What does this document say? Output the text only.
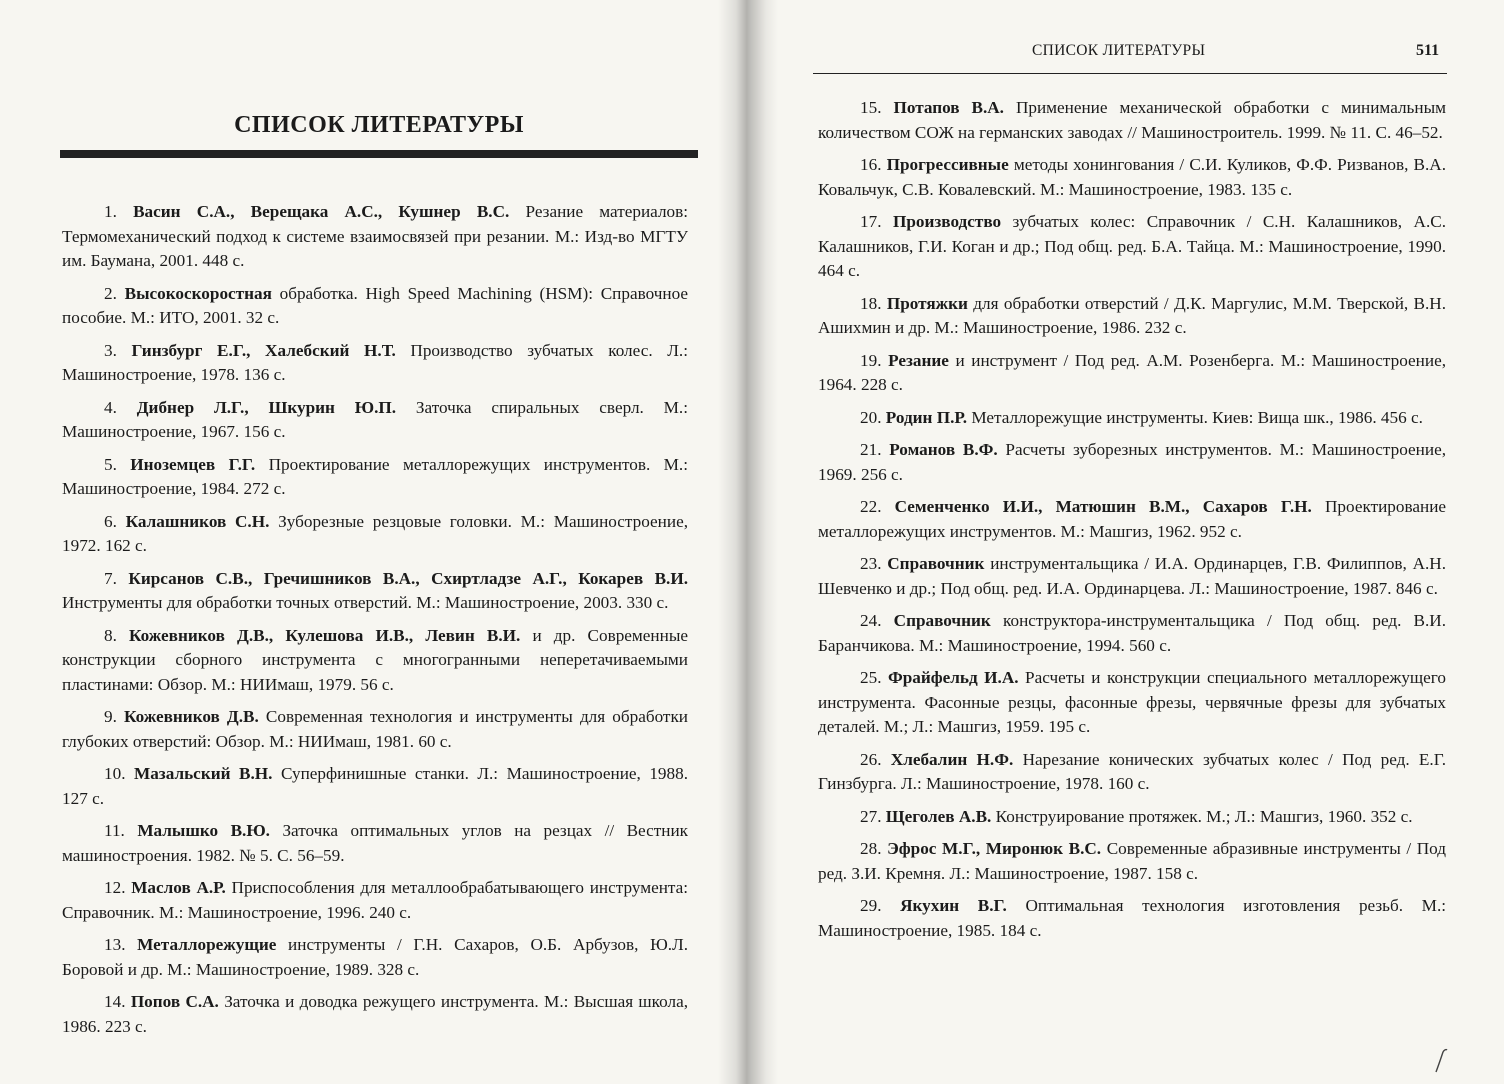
СПИСОК ЛИТЕРАТУРЫ
1. Васин С.А., Верещака А.С., Кушнер В.С. Резание материалов: Термомеханический подход к системе взаимосвязей при резании. М.: Изд-во МГТУ им. Баумана, 2001. 448 с.
2. Высокоскоростная обработка. High Speed Machining (HSM): Справочное пособие. М.: ИТО, 2001. 32 с.
3. Гинзбург Е.Г., Халебский Н.Т. Производство зубчатых колес. Л.: Машиностроение, 1978. 136 с.
4. Дибнер Л.Г., Шкурин Ю.П. Заточка спиральных сверл. М.: Машиностроение, 1967. 156 с.
5. Иноземцев Г.Г. Проектирование металлорежущих инструментов. М.: Машиностроение, 1984. 272 с.
6. Калашников С.Н. Зуборезные резцовые головки. М.: Машиностроение, 1972. 162 с.
7. Кирсанов С.В., Гречишников В.А., Схиртладзе А.Г., Кокарев В.И. Инструменты для обработки точных отверстий. М.: Машиностроение, 2003. 330 с.
8. Кожевников Д.В., Кулешова И.В., Левин В.И. и др. Современные конструкции сборного инструмента с многогранными неперетачиваемыми пластинами: Обзор. М.: НИИмаш, 1979. 56 с.
9. Кожевников Д.В. Современная технология и инструменты для обработки глубоких отверстий: Обзор. М.: НИИмаш, 1981. 60 с.
10. Мазальский В.Н. Суперфинишные станки. Л.: Машиностроение, 1988. 127 с.
11. Малышко В.Ю. Заточка оптимальных углов на резцах // Вестник машиностроения. 1982. № 5. С. 56–59.
12. Маслов А.Р. Приспособления для металлообрабатывающего инструмента: Справочник. М.: Машиностроение, 1996. 240 с.
13. Металлорежущие инструменты / Г.Н. Сахаров, О.Б. Арбузов, Ю.Л. Боровой и др. М.: Машиностроение, 1989. 328 с.
14. Попов С.А. Заточка и доводка режущего инструмента. М.: Высшая школа, 1986. 223 с.
СПИСОК ЛИТЕРАТУРЫ	511
15. Потапов В.А. Применение механической обработки с минимальным количеством СОЖ на германских заводах // Машиностроитель. 1999. № 11. С. 46–52.
16. Прогрессивные методы хонингования / С.И. Куликов, Ф.Ф. Ризванов, В.А. Ковальчук, С.В. Ковалевский. М.: Машиностроение, 1983. 135 с.
17. Производство зубчатых колес: Справочник / С.Н. Калашников, А.С. Калашников, Г.И. Коган и др.; Под общ. ред. Б.А. Тайца. М.: Машиностроение, 1990. 464 с.
18. Протяжки для обработки отверстий / Д.К. Маргулис, М.М. Тверской, В.Н. Ашихмин и др. М.: Машиностроение, 1986. 232 с.
19. Резание и инструмент / Под ред. А.М. Розенберга. М.: Машиностроение, 1964. 228 с.
20. Родин П.Р. Металлорежущие инструменты. Киев: Вища шк., 1986. 456 с.
21. Романов В.Ф. Расчеты зуборезных инструментов. М.: Машиностроение, 1969. 256 с.
22. Семенченко И.И., Матюшин В.М., Сахаров Г.Н. Проектирование металлорежущих инструментов. М.: Машгиз, 1962. 952 с.
23. Справочник инструментальщика / И.А. Ординарцев, Г.В. Филиппов, А.Н. Шевченко и др.; Под общ. ред. И.А. Ординарцева. Л.: Машиностроение, 1987. 846 с.
24. Справочник конструктора-инструментальщика / Под общ. ред. В.И. Баранчикова. М.: Машиностроение, 1994. 560 с.
25. Фрайфельд И.А. Расчеты и конструкции специального металлорежущего инструмента. Фасонные резцы, фасонные фрезы, червячные фрезы для зубчатых деталей. М.; Л.: Машгиз, 1959. 195 с.
26. Хлебалин Н.Ф. Нарезание конических зубчатых колес / Под ред. Е.Г. Гинзбурга. Л.: Машиностроение, 1978. 160 с.
27. Щеголев А.В. Конструирование протяжек. М.; Л.: Машгиз, 1960. 352 с.
28. Эфрос М.Г., Миронюк В.С. Современные абразивные инструменты / Под ред. З.И. Кремня. Л.: Машиностроение, 1987. 158 с.
29. Якухин В.Г. Оптимальная технология изготовления резьб. М.: Машиностроение, 1985. 184 с.
